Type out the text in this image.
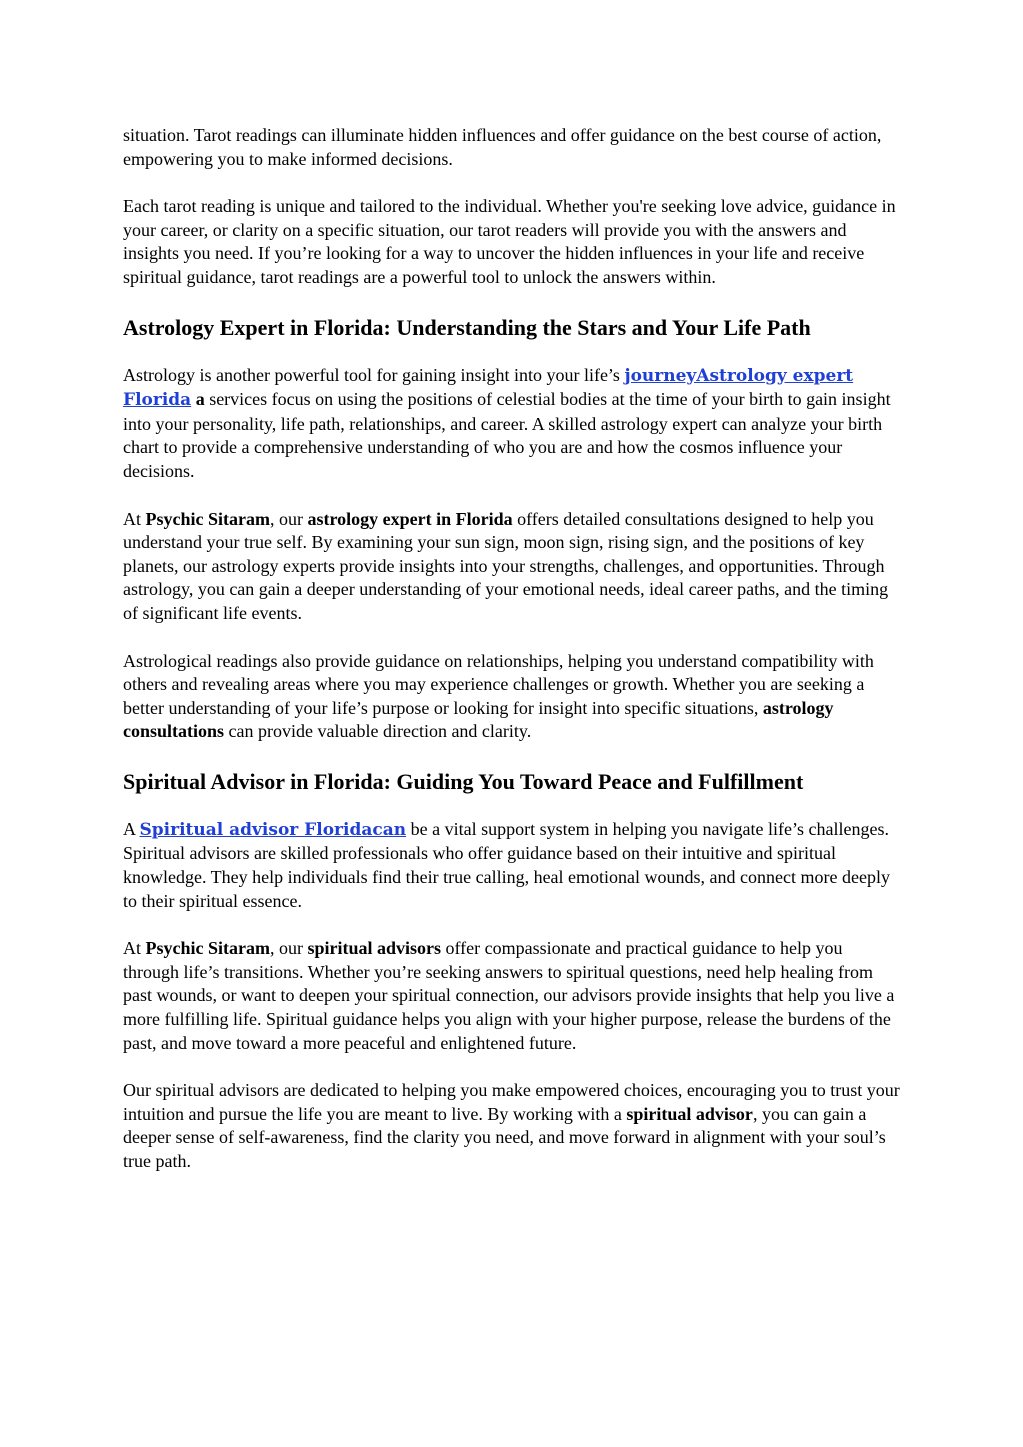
situation. Tarot readings can illuminate hidden influences and offer guidance on the best course of action, empowering you to make informed decisions.

Each tarot reading is unique and tailored to the individual. Whether you're seeking love advice, guidance in your career, or clarity on a specific situation, our tarot readers will provide you with the answers and insights you need. If you’re looking for a way to uncover the hidden influences in your life and receive spiritual guidance, tarot readings are a powerful tool to unlock the answers within.

Astrology Expert in Florida: Understanding the Stars and Your Life Path

Astrology is another powerful tool for gaining insight into your life’s journeyAstrology expert Florida a services focus on using the positions of celestial bodies at the time of your birth to gain insight into your personality, life path, relationships, and career. A skilled astrology expert can analyze your birth chart to provide a comprehensive understanding of who you are and how the cosmos influence your decisions.

At Psychic Sitaram, our astrology expert in Florida offers detailed consultations designed to help you understand your true self. By examining your sun sign, moon sign, rising sign, and the positions of key planets, our astrology experts provide insights into your strengths, challenges, and opportunities. Through astrology, you can gain a deeper understanding of your emotional needs, ideal career paths, and the timing of significant life events.

Astrological readings also provide guidance on relationships, helping you understand compatibility with others and revealing areas where you may experience challenges or growth. Whether you are seeking a better understanding of your life’s purpose or looking for insight into specific situations, astrology consultations can provide valuable direction and clarity.

Spiritual Advisor in Florida: Guiding You Toward Peace and Fulfillment

A Spiritual advisor Floridacan be a vital support system in helping you navigate life’s challenges. Spiritual advisors are skilled professionals who offer guidance based on their intuitive and spiritual knowledge. They help individuals find their true calling, heal emotional wounds, and connect more deeply to their spiritual essence.

At Psychic Sitaram, our spiritual advisors offer compassionate and practical guidance to help you through life’s transitions. Whether you’re seeking answers to spiritual questions, need help healing from past wounds, or want to deepen your spiritual connection, our advisors provide insights that help you live a more fulfilling life. Spiritual guidance helps you align with your higher purpose, release the burdens of the past, and move toward a more peaceful and enlightened future.

Our spiritual advisors are dedicated to helping you make empowered choices, encouraging you to trust your intuition and pursue the life you are meant to live. By working with a spiritual advisor, you can gain a deeper sense of self-awareness, find the clarity you need, and move forward in alignment with your soul’s true path.
